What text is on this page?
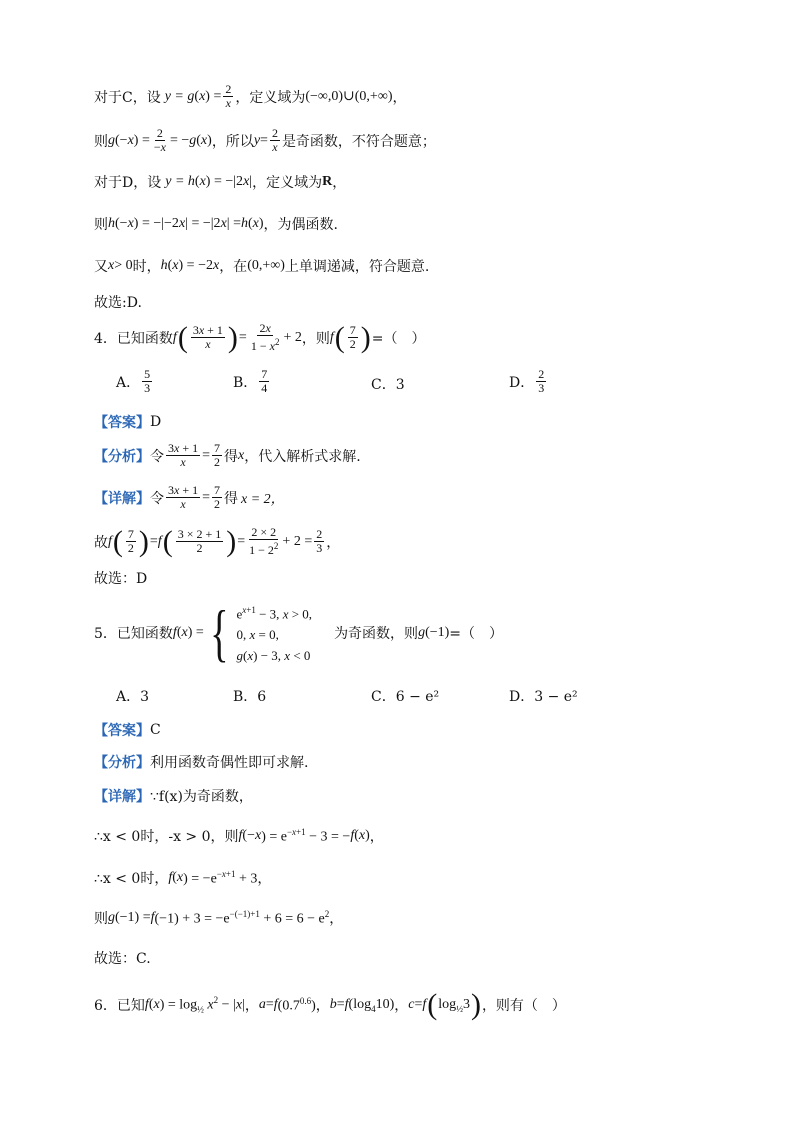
对于C，设 y = g ( x ) = $\frac{2}{x}$ ，定义域为 (−∞,0)∪(0,+∞) ，
则 g (− x ) = $\frac{2}{-x}$ = − g ( x ) ，所以 $y = \frac{2}{x}$ 是奇函数，不符合题意；
对于D，设 y = h ( x ) = −|2 x | ，定义域为 R ，
则 h (− x ) = −|−2 x | = −|2 x | = h ( x ) ，为偶函数.
又 x > 0 时， h ( x ) = −2 x ，在 (0,+∞) 上单调递减，符合题意.
故选:D.
4．已知函数 f ( $\frac{3x + 1}{x}$ ) = $\frac{2x}{1 - x^2} + 2$ ，则 f ( $\frac{7}{2}$ ) =（　）
A． $\frac{5}{3}$	B． $\frac{7}{4}$	C．3	D． $\frac{2}{3}$
【答案】 D
【分析】 令 $\frac{3x + 1}{x} = \frac{7}{2}$ 得 x ，代入解析式求解.
【详解】 令 $\frac{3x + 1}{x} = \frac{7}{2}$ 得 x = 2，
故 f ( $\frac{7}{2}$ ) = f ( $\frac{3 \times 2 + 1}{2}$ ) = $\frac{2 \times 2}{1 - 2^2} + 2 = \frac{2}{3}$ ，
故选：D
5．已知函数 f ( x ) = { $e^{x+1} - 3$, x > 0,
0, x = 0,
g(x) − 3, x < 0
为奇函数，则 g (−1) =（　）
A．3	B．6	C．6 − e²	D．3 − e²
【答案】 C
【分析】 利用函数奇偶性即可求解.
【详解】 ∵f(x)为奇函数，
∴x < 0时，-x > 0，则 f (− x ) = $e^{-x+1} - 3$ = − f ( x ) ，
∴x < 0时， f ( x ) = $-e^{-x+1} + 3$ ，
则 g (−1) = f $(-1) + 3 = -e^{-(-1)+1} + 6 = 6 - e^2$ ，
故选：C.
6．已知 f ( x ) = $\log_{\frac{1}{2}} x^2 - |x|$ ， a = f $(0.7^{0.6})$ ， b = f $(\log_410)$ ， c = f ( $\log_{\frac{1}{2}}3$ ) ，则有（　）
